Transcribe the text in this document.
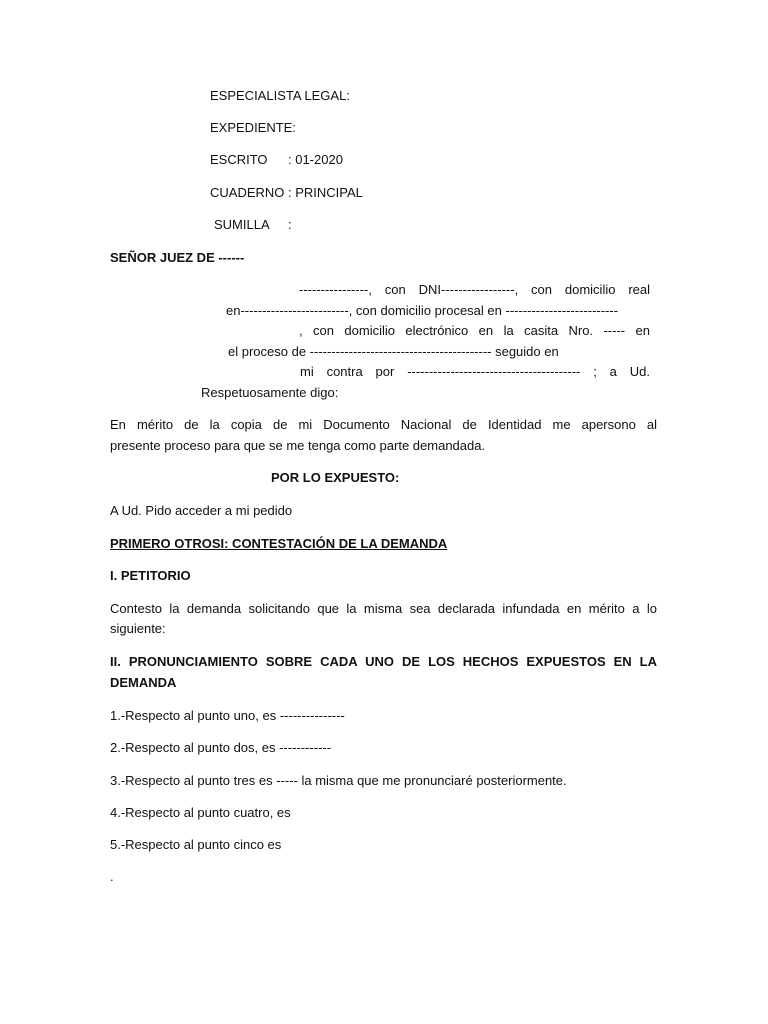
ESPECIALISTA LEGAL:
EXPEDIENTE:
ESCRITO : 01-2020
CUADERNO : PRINCIPAL
SUMILLA :
SEÑOR JUEZ DE ------
----------------, con DNI-----------------, con domicilio real
en-------------------------, con domicilio procesal en --------------------------
, con domicilio electrónico en la casita Nro. ----- en
el proceso de ------------------------------------------ seguido en
mi contra por ---------------------------------------- ; a Ud.
Respetuosamente digo:
En mérito de la copia de mi Documento Nacional de Identidad me apersono al
presente proceso para que se me tenga como parte demandada.
POR LO EXPUESTO:
A Ud. Pido acceder a mi pedido
PRIMERO OTROSI: CONTESTACIÓN DE LA DEMANDA
I. PETITORIO
Contesto la demanda solicitando que la misma sea declarada infundada en mérito a lo
siguiente:
II. PRONUNCIAMIENTO SOBRE CADA UNO DE LOS HECHOS EXPUESTOS EN LA
DEMANDA
1.-Respecto al punto uno, es ---------------
2.-Respecto al punto dos, es ------------
3.-Respecto al punto tres es ----- la misma que me pronunciaré posteriormente.
4.-Respecto al punto cuatro, es
5.-Respecto al punto cinco es
.
